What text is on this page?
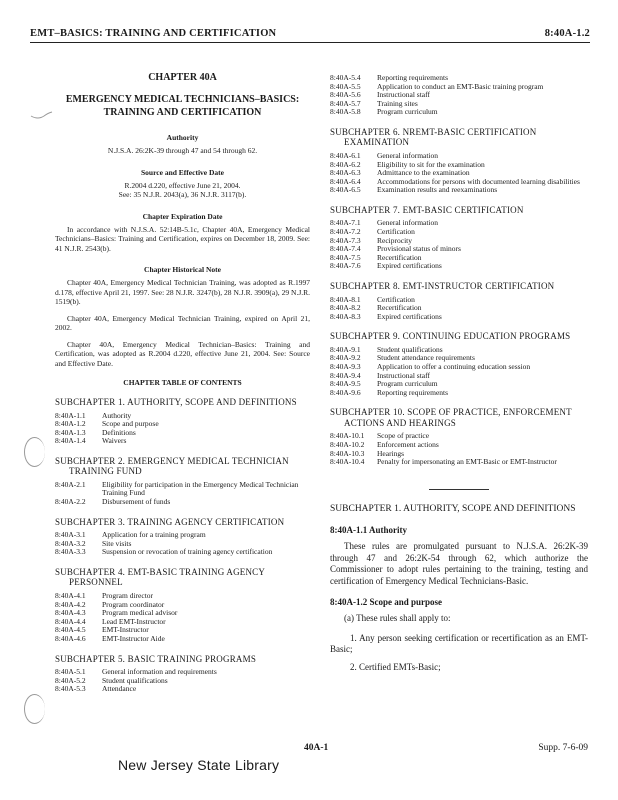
EMT–BASICS: TRAINING AND CERTIFICATION	8:40A-1.2
CHAPTER 40A
EMERGENCY MEDICAL TECHNICIANS–BASICS: TRAINING AND CERTIFICATION
Authority
N.J.S.A. 26:2K-39 through 47 and 54 through 62.
Source and Effective Date
R.2004 d.220, effective June 21, 2004.
See: 35 N.J.R. 2043(a), 36 N.J.R. 3117(b).
Chapter Expiration Date
In accordance with N.J.S.A. 52:14B-5.1c, Chapter 40A, Emergency Medical Technicians–Basics: Training and Certification, expires on December 18, 2009. See: 41 N.J.R. 2543(b).
Chapter Historical Note
Chapter 40A, Emergency Medical Technician Training, was adopted as R.1997 d.178, effective April 21, 1997. See: 28 N.J.R. 3247(b), 28 N.J.R. 3909(a), 29 N.J.R. 1519(b).
Chapter 40A, Emergency Medical Technician Training, expired on April 21, 2002.
Chapter 40A, Emergency Medical Technician–Basics: Training and Certification, was adopted as R.2004 d.220, effective June 21, 2004. See: Source and Effective Date.
CHAPTER TABLE OF CONTENTS
SUBCHAPTER 1. AUTHORITY, SCOPE AND DEFINITIONS
8:40A-1.1	Authority
8:40A-1.2	Scope and purpose
8:40A-1.3	Definitions
8:40A-1.4	Waivers
SUBCHAPTER 2. EMERGENCY MEDICAL TECHNICIAN TRAINING FUND
8:40A-2.1	Eligibility for participation in the Emergency Medical Technician Training Fund
8:40A-2.2	Disbursement of funds
SUBCHAPTER 3. TRAINING AGENCY CERTIFICATION
8:40A-3.1	Application for a training program
8:40A-3.2	Site visits
8:40A-3.3	Suspension or revocation of training agency certification
SUBCHAPTER 4. EMT-BASIC TRAINING AGENCY PERSONNEL
8:40A-4.1	Program director
8:40A-4.2	Program coordinator
8:40A-4.3	Program medical advisor
8:40A-4.4	Lead EMT-Instructor
8:40A-4.5	EMT-Instructor
8:40A-4.6	EMT-Instructor Aide
SUBCHAPTER 5. BASIC TRAINING PROGRAMS
8:40A-5.1	General information and requirements
8:40A-5.2	Student qualifications
8:40A-5.3	Attendance
8:40A-5.4	Reporting requirements
8:40A-5.5	Application to conduct an EMT-Basic training program
8:40A-5.6	Instructional staff
8:40A-5.7	Training sites
8:40A-5.8	Program curriculum
SUBCHAPTER 6. NREMT-BASIC CERTIFICATION EXAMINATION
8:40A-6.1	General information
8:40A-6.2	Eligibility to sit for the examination
8:40A-6.3	Admittance to the examination
8:40A-6.4	Accommodations for persons with documented learning disabilities
8:40A-6.5	Examination results and reexaminations
SUBCHAPTER 7. EMT-BASIC CERTIFICATION
8:40A-7.1	General information
8:40A-7.2	Certification
8:40A-7.3	Reciprocity
8:40A-7.4	Provisional status of minors
8:40A-7.5	Recertification
8:40A-7.6	Expired certifications
SUBCHAPTER 8. EMT-INSTRUCTOR CERTIFICATION
8:40A-8.1	Certification
8:40A-8.2	Recertification
8:40A-8.3	Expired certifications
SUBCHAPTER 9. CONTINUING EDUCATION PROGRAMS
8:40A-9.1	Student qualifications
8:40A-9.2	Student attendance requirements
8:40A-9.3	Application to offer a continuing education session
8:40A-9.4	Instructional staff
8:40A-9.5	Program curriculum
8:40A-9.6	Reporting requirements
SUBCHAPTER 10. SCOPE OF PRACTICE, ENFORCEMENT ACTIONS AND HEARINGS
8:40A-10.1	Scope of practice
8:40A-10.2	Enforcement actions
8:40A-10.3	Hearings
8:40A-10.4	Penalty for impersonating an EMT-Basic or EMT-Instructor
SUBCHAPTER 1. AUTHORITY, SCOPE AND DEFINITIONS
8:40A-1.1 Authority
These rules are promulgated pursuant to N.J.S.A. 26:2K-39 through 47 and 26:2K-54 through 62, which authorize the Commissioner to adopt rules pertaining to the training, testing and certification of Emergency Medical Technicians-Basic.
8:40A-1.2 Scope and purpose
(a) These rules shall apply to:
1. Any person seeking certification or recertification as an EMT-Basic;
2. Certified EMTs-Basic;
40A-1	Supp. 7-6-09
New Jersey State Library
